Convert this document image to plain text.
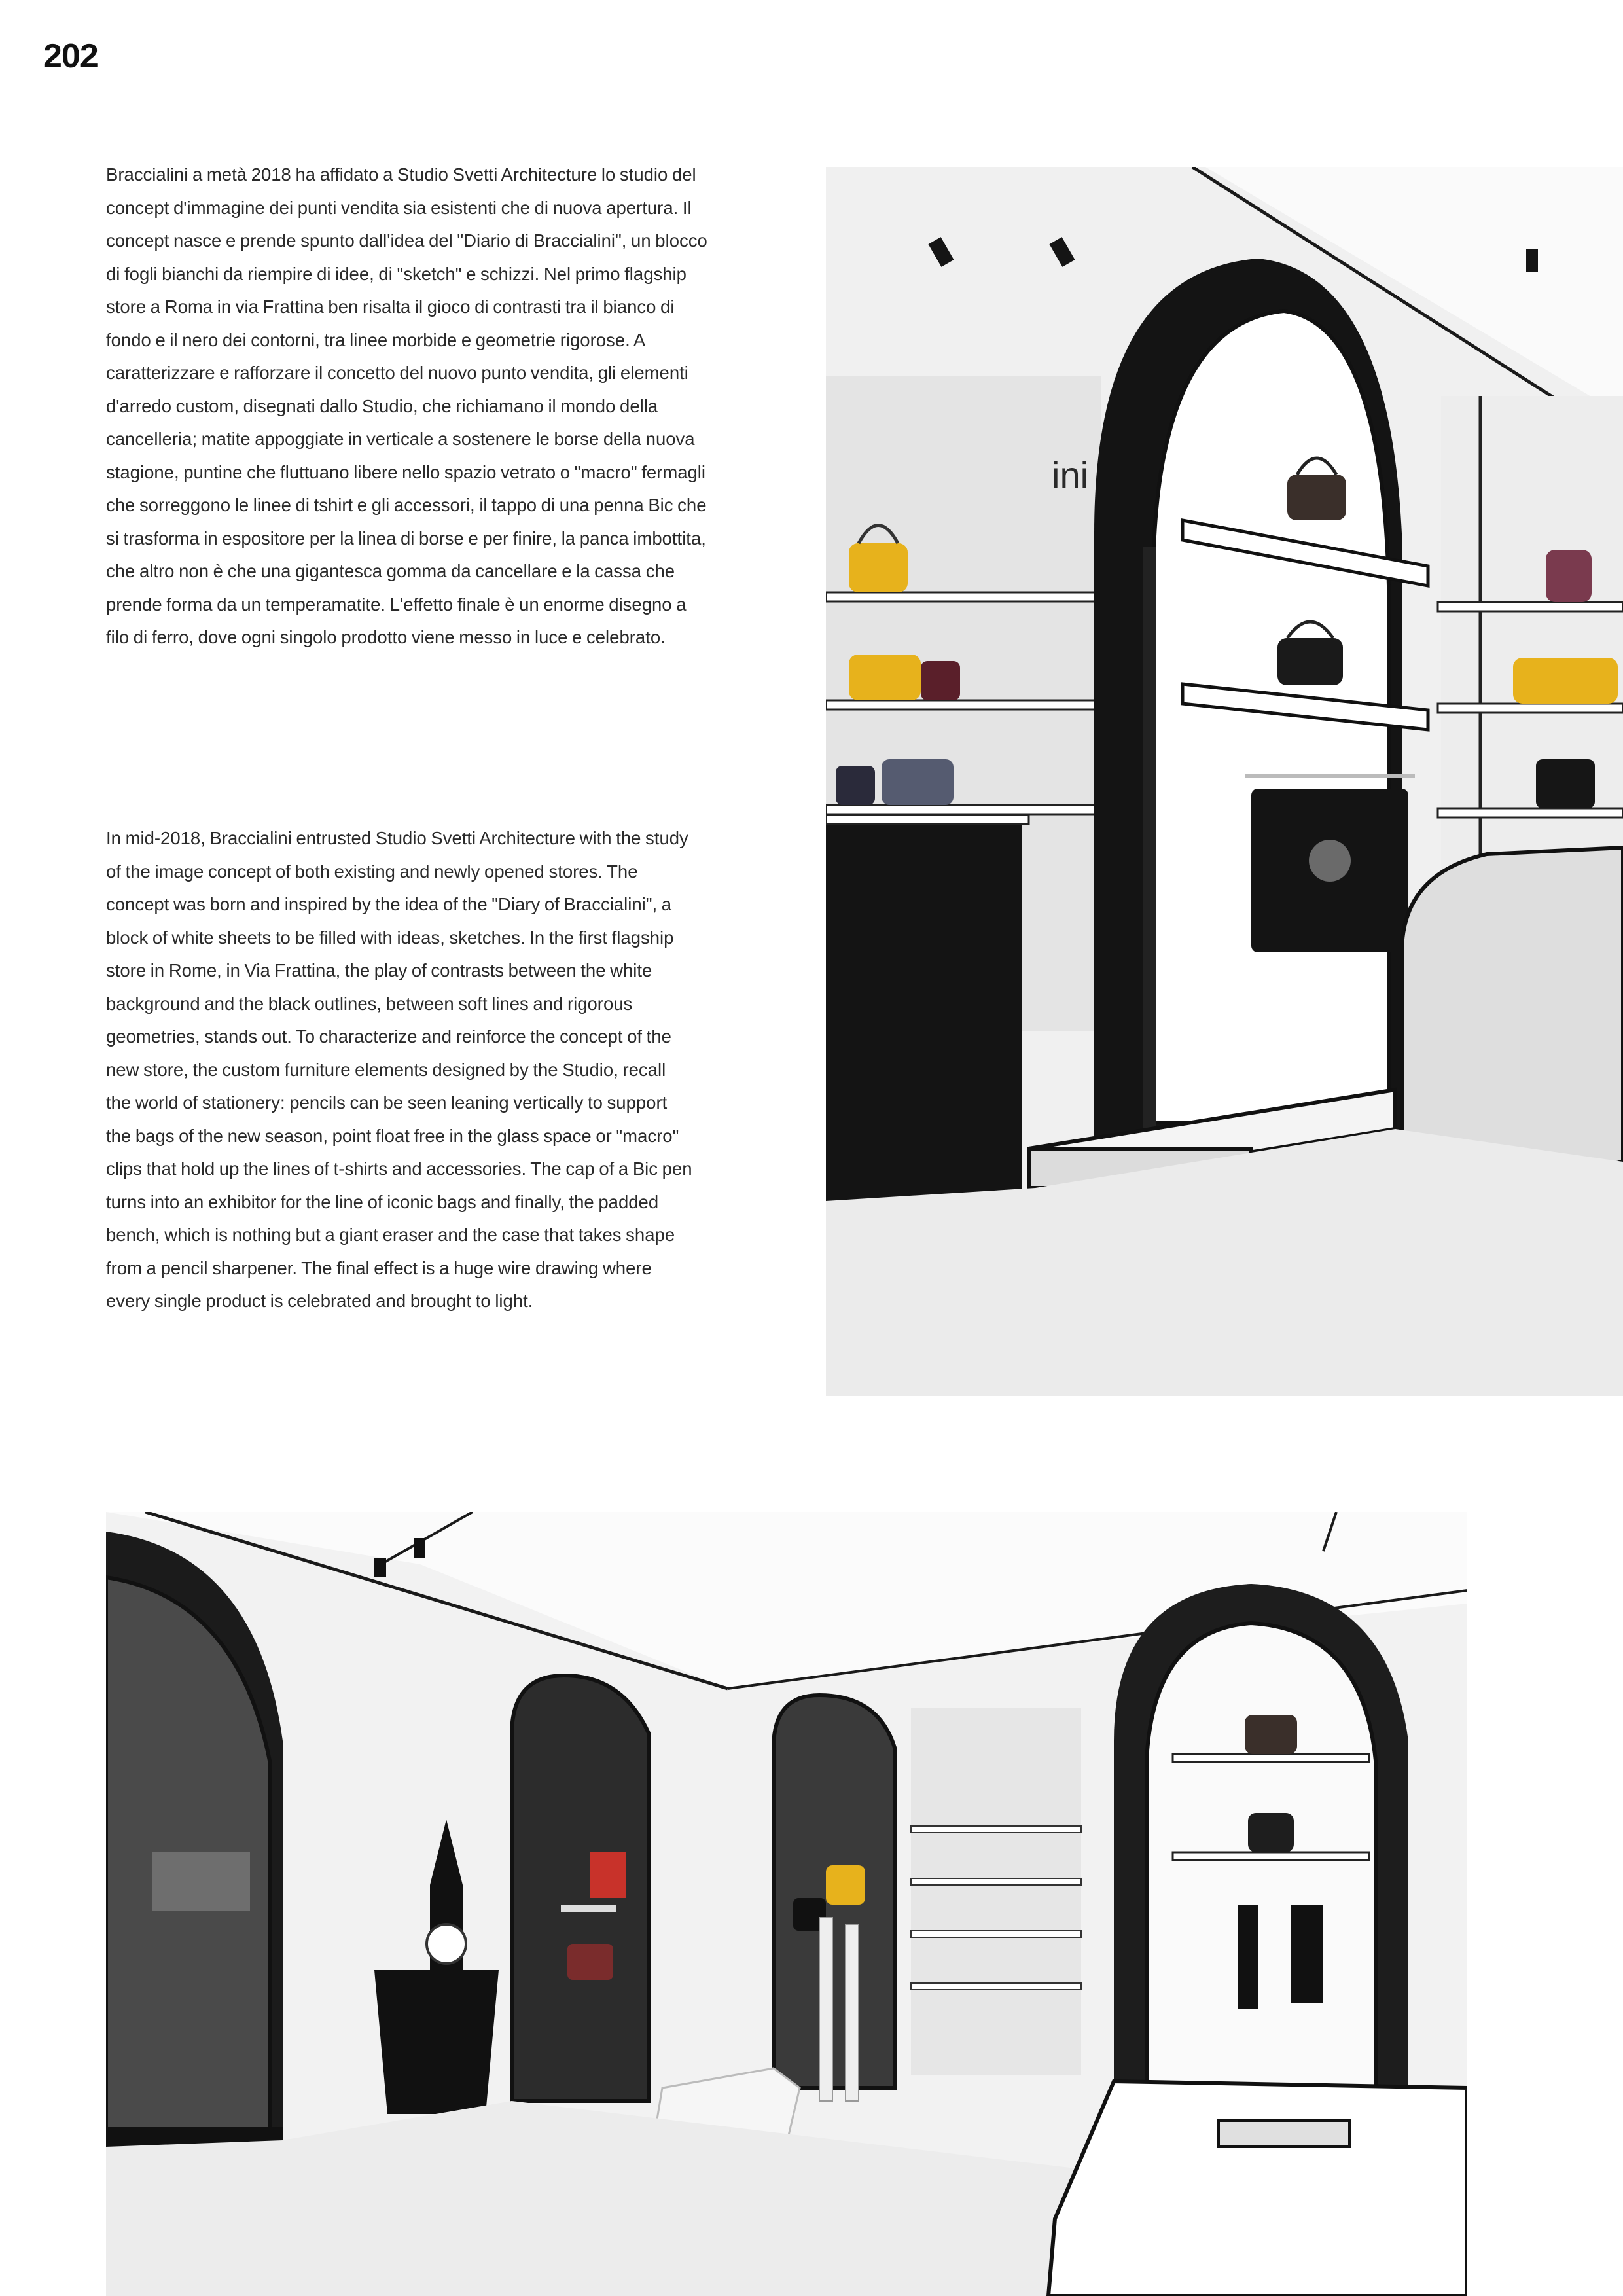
202

Braccialini a metà 2018 ha affidato a Studio Svetti Architecture lo studio del concept d'immagine dei punti vendita sia esistenti che di nuova apertura. Il concept nasce e prende spunto dall'idea del "Diario di Braccialini", un blocco di fogli bianchi da riempire di idee, di "sketch" e schizzi. Nel primo flagship store a Roma in via Frattina ben risalta il gioco di contrasti tra il bianco di fondo e il nero dei contorni, tra linee morbide e geometrie rigorose. A caratterizzare e rafforzare il concetto del nuovo punto vendita, gli elementi d'arredo custom, disegnati dallo Studio, che richiamano il mondo della cancelleria; matite appoggiate in verticale a sostenere le borse della nuova stagione, puntine che fluttuano libere nello spazio vetrato o "macro" fermagli che sorreggono le linee di tshirt e gli accessori, il tappo di una penna Bic che si trasforma in espositore per la linea di borse e per finire, la panca imbottita, che altro non è che una gigantesca gomma da cancellare e la cassa che prende forma da un temperamatite. L'effetto finale è un enorme disegno a filo di ferro, dove ogni singolo prodotto viene messo in luce e celebrato.

In mid-2018, Braccialini entrusted Studio Svetti Architecture with the study of the image concept of both existing and newly opened stores. The concept was born and inspired by the idea of the "Diary of Braccialini", a block of white sheets to be filled with ideas, sketches. In the first flagship store in Rome, in Via Frattina, the play of contrasts between the white background and the black outlines, between soft lines and rigorous geometries, stands out. To characterize and reinforce the concept of the new store, the custom furniture elements designed by the Studio, recall the world of stationery: pencils can be seen leaning vertically to support the bags of the new season, point float free in the glass space or "macro" clips that hold up the lines of t-shirts and accessories. The cap of a Bic pen turns into an exhibitor for the line of iconic bags and finally, the padded bench, which is nothing but a giant eraser and the case that takes shape from a pencil sharpener. The final effect is a huge wire drawing where every single product is celebrated and brought to light.

ini
